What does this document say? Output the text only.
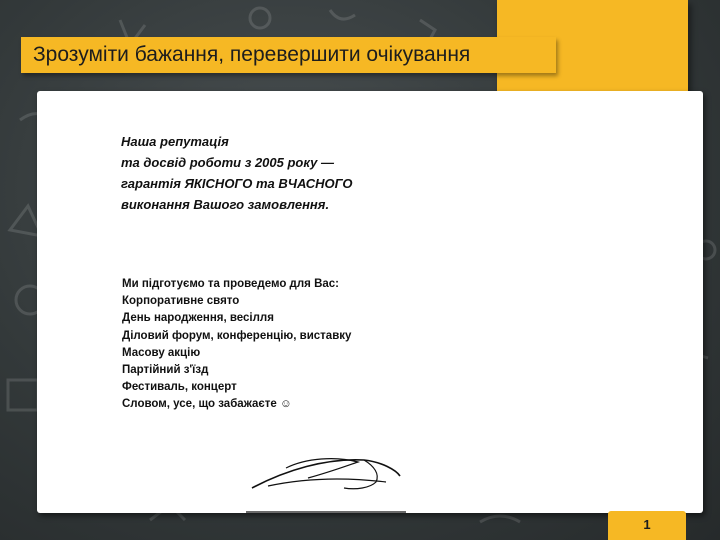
Зрозуміти бажання, перевершити очікування
Наша репутація
та досвід роботи з 2005 року —
гарантія ЯКІСНОГО та ВЧАСНОГО
виконання Вашого замовлення.
Ми підготуємо та проведемо для Вас:
Корпоративне свято
День народження, весілля
Діловий форум, конференцію, виставку
Масову акцію
Партійний з'їзд
Фестиваль, концерт
Словом, усе, що забажаєте ☺
1
